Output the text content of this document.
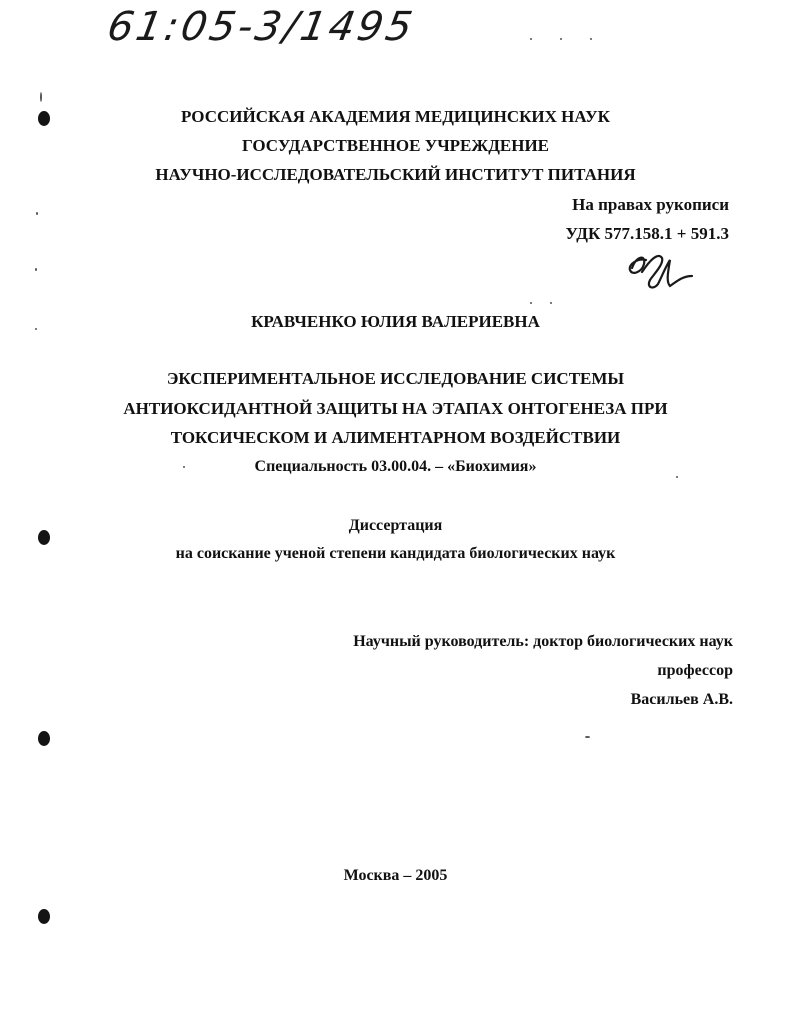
61:05-3/1495
РОССИЙСКАЯ АКАДЕМИЯ МЕДИЦИНСКИХ НАУК
ГОСУДАРСТВЕННОЕ УЧРЕЖДЕНИЕ
НАУЧНО-ИССЛЕДОВАТЕЛЬСКИЙ ИНСТИТУТ ПИТАНИЯ
На правах рукописи
УДК 577.158.1 + 591.3
КРАВЧЕНКО ЮЛИЯ ВАЛЕРИЕВНА
ЭКСПЕРИМЕНТАЛЬНОЕ ИССЛЕДОВАНИЕ СИСТЕМЫ
АНТИОКСИДАНТНОЙ ЗАЩИТЫ НА ЭТАПАХ ОНТОГЕНЕЗА ПРИ
ТОКСИЧЕСКОМ И АЛИМЕНТАРНОМ ВОЗДЕЙСТВИИ
Специальность 03.00.04. – «Биохимия»
Диссертация
на соискание ученой степени кандидата биологических наук
Научный руководитель: доктор биологических наук
профессор
Васильев А.В.
Москва – 2005
